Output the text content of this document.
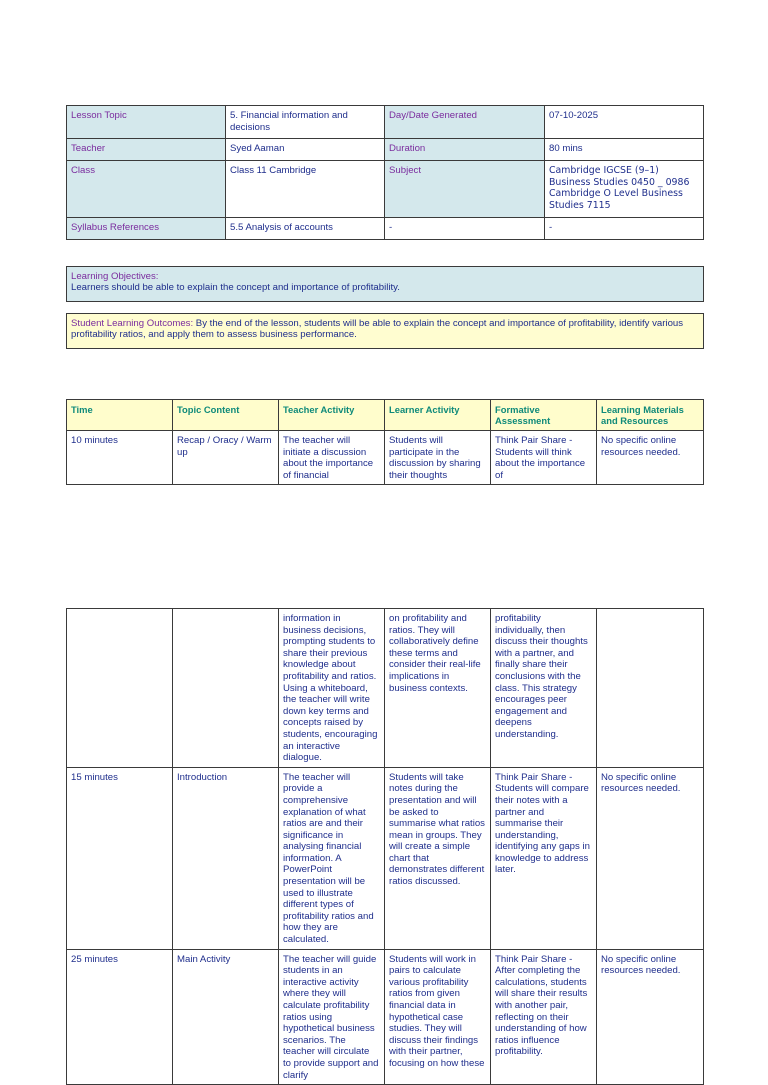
Lesson Topic	5. Financial information and decisions	Day/Date Generated	07-10-2025
Teacher	Syed Aaman	Duration	80 mins
Class	Class 11 Cambridge	Subject	Cambridge IGCSE (9–1) Business Studies 0450 _ 0986 Cambridge O Level Business Studies 7115
Syllabus References	5.5 Analysis of accounts	-	-
Learning Objectives:
Learners should be able to explain the concept and importance of profitability.
Student Learning Outcomes: By the end of the lesson, students will be able to explain the concept and importance of profitability, identify various profitability ratios, and apply them to assess business performance.
Time	Topic Content	Teacher Activity	Learner Activity	Formative Assessment	Learning Materials and Resources
10 minutes	Recap / Oracy / Warm up	The teacher will initiate a discussion about the importance of financial	Students will participate in the discussion by sharing their thoughts	Think Pair Share - Students will think about the importance of	No specific online resources needed.
		information in business decisions, prompting students to share their previous knowledge about profitability and ratios. Using a whiteboard, the teacher will write down key terms and concepts raised by students, encouraging an interactive dialogue.	on profitability and ratios. They will collaboratively define these terms and consider their real-life implications in business contexts.	profitability individually, then discuss their thoughts with a partner, and finally share their conclusions with the class. This strategy encourages peer engagement and deepens understanding.	
15 minutes	Introduction	The teacher will provide a comprehensive explanation of what ratios are and their significance in analysing financial information. A PowerPoint presentation will be used to illustrate different types of profitability ratios and how they are calculated.	Students will take notes during the presentation and will be asked to summarise what ratios mean in groups. They will create a simple chart that demonstrates different ratios discussed.	Think Pair Share - Students will compare their notes with a partner and summarise their understanding, identifying any gaps in knowledge to address later.	No specific online resources needed.
25 minutes	Main Activity	The teacher will guide students in an interactive activity where they will calculate profitability ratios using hypothetical business scenarios. The teacher will circulate to provide support and clarify	Students will work in pairs to calculate various profitability ratios from given financial data in hypothetical case studies. They will discuss their findings with their partner, focusing on how these	Think Pair Share - After completing the calculations, students will share their results with another pair, reflecting on their understanding of how ratios influence profitability.	No specific online resources needed.
